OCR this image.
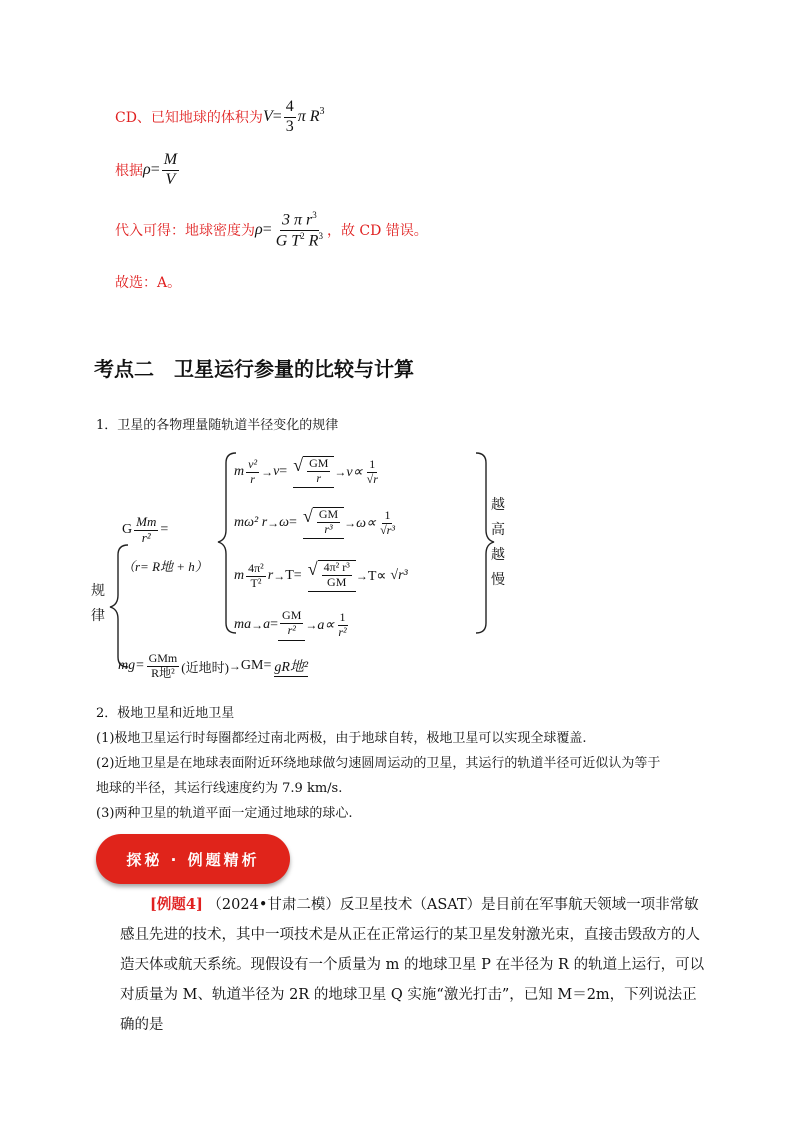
CD、已知地球的体积为 $V = \frac{4}{3}$ π $R^3$
根据 $\rho = \frac{M}{V}$
代入可得：地球密度为 $\rho = \frac{3 \pi r^3}{G T^2 R^3}$ ，故 CD 错误。
故选：A。
考点二　卫星运行参量的比较与计算
1．卫星的各物理量随轨道半径变化的规律
G $\frac{Mm}{\text{r²}}$ =
（r= R地 + h）
规
律
m $\frac{\text{v²}}{r} \to v$ = √ $\frac{GM}{r} \to v\propto \frac{1}{√r}$
mω² r → ω = √ $\frac{GM}{\text{r³}} \to \omega\propto \frac{1}{\text{√r³}}$
m $\frac{\text{4π²}}{\text{T²}}$ r → T = √ $\frac{\text{4π² r³}}{GM} \to T\propto √r^3$
ma → $a = \frac{GM}{\text{r²}} \to a\propto \frac{1}{\text{r²}}$
越
高
越
慢
$mg= \frac{\text{GMm}}{\text{R地²}}$ (近地时) → GM= gR地²
2．极地卫星和近地卫星
(1)极地卫星运行时每圈都经过南北两极，由于地球自转，极地卫星可以实现全球覆盖.
(2)近地卫星是在地球表面附近环绕地球做匀速圆周运动的卫星，其运行的轨道半径可近似认为等于
地球的半径，其运行线速度约为 7.9 km/s.
(3)两种卫星的轨道平面一定通过地球的球心.
探秘 · 例题精析
[例题4] （2024•甘肃二模）反卫星技术（ASAT）是目前在军事航天领域一项非常敏感且先进的技术，其中一项技术是从正在正常运行的某卫星发射激光束，直接击毁敌方的人造天体或航天系统。现假设有一个质量为 m 的地球卫星 P 在半径为 R 的轨道上运行，可以对质量为 M、轨道半径为 2R 的地球卫星 Q 实施“激光打击”，已知 M＝2m，下列说法正确的是
